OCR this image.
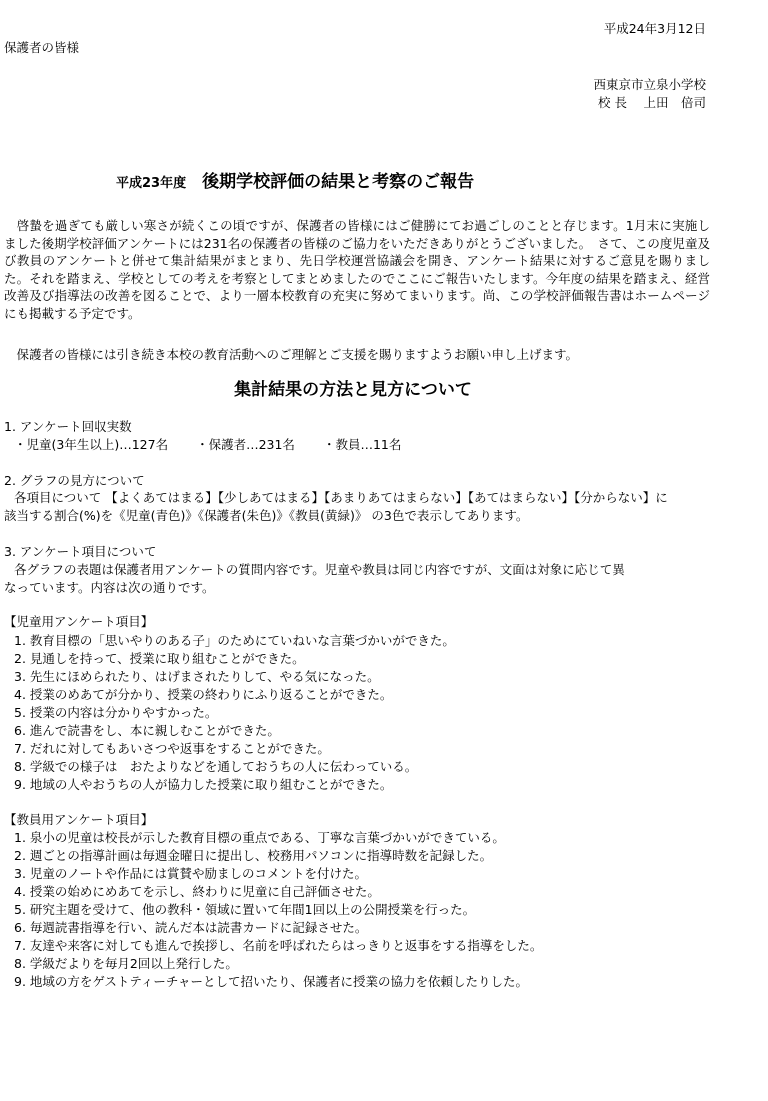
平成24年3月12日
保護者の皆様
西東京市立泉小学校
校 長　 上田　倍司
平成23年度 後期学校評価の結果と考察のご報告
　啓蟄を過ぎても厳しい寒さが続くこの頃ですが、保護者の皆様にはご健勝にてお過ごしのことと存じます。1月末に実施しました後期学校評価アンケートには231名の保護者の皆様のご協力をいただきありがとうございました。　さて、この度児童及び教員のアンケートと併せて集計結果がまとまり、先日学校運営協議会を開き、アンケート結果に対するご意見を賜りました。それを踏まえ、学校としての考えを考察としてまとめましたのでここにご報告いたします。今年度の結果を踏まえ、経営改善及び指導法の改善を図ることで、より一層本校教育の充実に努めてまいります。尚、この学校評価報告書はホームページにも掲載する予定です。
　保護者の皆様には引き続き本校の教育活動へのご理解とご支援を賜りますようお願い申し上げます。
集計結果の方法と見方について
1. アンケート回収実数
・児童(3年生以上)…127名 ・保護者…231名 ・教員…11名
2. グラフの見方について
各項目について 【よくあてはまる】【少しあてはまる】【あまりあてはまらない】【あてはまらない】【分からない】に
該当する割合(%)を《児童(青色)》《保護者(朱色)》《教員(黄緑)》 の3色で表示してあります。
3. アンケート項目について
各グラフの表題は保護者用アンケートの質問内容です。児童や教員は同じ内容ですが、文面は対象に応じて異
なっています。内容は次の通りです。
【児童用アンケート項目】
1. 教育目標の「思いやりのある子」のためにていねいな言葉づかいができた。
2. 見通しを持って、授業に取り組むことができた。
3. 先生にほめられたり、はげまされたりして、やる気になった。
4. 授業のめあてが分かり、授業の終わりにふり返ることができた。
5. 授業の内容は分かりやすかった。
6. 進んで読書をし、本に親しむことができた。
7. だれに対してもあいさつや返事をすることができた。
8. 学級での様子は　おたよりなどを通しておうちの人に伝わっている。
9. 地域の人やおうちの人が協力した授業に取り組むことができた。
【教員用アンケート項目】
1. 泉小の児童は校長が示した教育目標の重点である、丁寧な言葉づかいができている。
2. 週ごとの指導計画は毎週金曜日に提出し、校務用パソコンに指導時数を記録した。
3. 児童のノートや作品には賞賛や励ましのコメントを付けた。
4. 授業の始めにめあてを示し、終わりに児童に自己評価させた。
5. 研究主題を受けて、他の教科・領域に置いて年間1回以上の公開授業を行った。
6. 毎週読書指導を行い、読んだ本は読書カードに記録させた。
7. 友達や来客に対しても進んで挨拶し、名前を呼ばれたらはっきりと返事をする指導をした。
8. 学級だよりを毎月2回以上発行した。
9. 地域の方をゲストティーチャーとして招いたり、保護者に授業の協力を依頼したりした。
